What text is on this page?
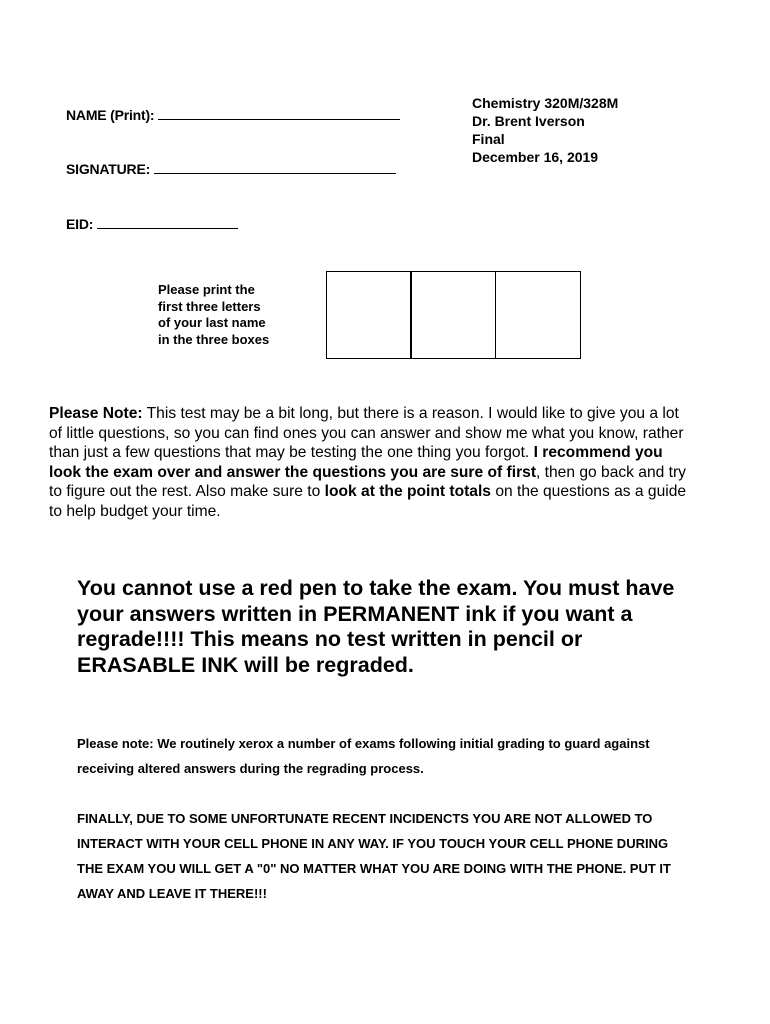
NAME (Print):
SIGNATURE:
EID:
Chemistry 320M/328M
Dr. Brent Iverson
Final
December 16, 2019
Please print the
first three letters
of your last name
in the three boxes
Please Note: This test may be a bit long, but there is a reason. I would like to give you a lot of little questions, so you can find ones you can answer and show me what you know, rather than just a few questions that may be testing the one thing you forgot. I recommend you look the exam over and answer the questions you are sure of first, then go back and try to figure out the rest. Also make sure to look at the point totals on the questions as a guide to help budget your time.
You cannot use a red pen to take the exam. You must have your answers written in PERMANENT ink if you want a regrade!!!! This means no test written in pencil or ERASABLE INK will be regraded.
Please note: We routinely xerox a number of exams following initial grading to guard against receiving altered answers during the regrading process.
FINALLY, DUE TO SOME UNFORTUNATE RECENT INCIDENCTS YOU ARE NOT ALLOWED TO INTERACT WITH YOUR CELL PHONE IN ANY WAY. IF YOU TOUCH YOUR CELL PHONE DURING THE EXAM YOU WILL GET A "0" NO MATTER WHAT YOU ARE DOING WITH THE PHONE. PUT IT AWAY AND LEAVE IT THERE!!!
